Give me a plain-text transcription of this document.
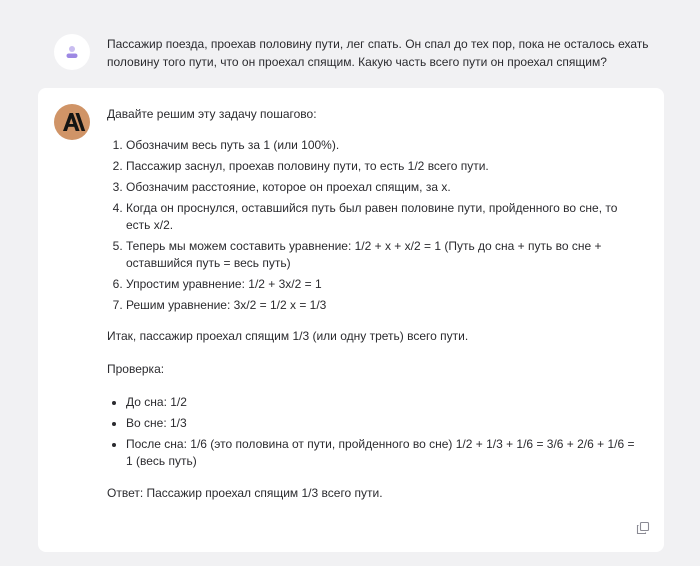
Пассажир поезда, проехав половину пути, лег спать. Он спал до тех пор, пока не осталось ехать половину того пути, что он проехал спящим. Какую часть всего пути он проехал спящим?

Давайте решим эту задачу пошагово:

1. Обозначим весь путь за 1 (или 100%).
2. Пассажир заснул, проехав половину пути, то есть 1/2 всего пути.
3. Обозначим расстояние, которое он проехал спящим, за x.
4. Когда он проснулся, оставшийся путь был равен половине пути, пройденного во сне, то есть x/2.
5. Теперь мы можем составить уравнение: 1/2 + x + x/2 = 1 (Путь до сна + путь во сне + оставшийся путь = весь путь)
6. Упростим уравнение: 1/2 + 3x/2 = 1
7. Решим уравнение: 3x/2 = 1/2 x = 1/3

Итак, пассажир проехал спящим 1/3 (или одну треть) всего пути.

Проверка:

• До сна: 1/2
• Во сне: 1/3
• После сна: 1/6 (это половина от пути, пройденного во сне) 1/2 + 1/3 + 1/6 = 3/6 + 2/6 + 1/6 = 1 (весь путь)

Ответ: Пассажир проехал спящим 1/3 всего пути.
